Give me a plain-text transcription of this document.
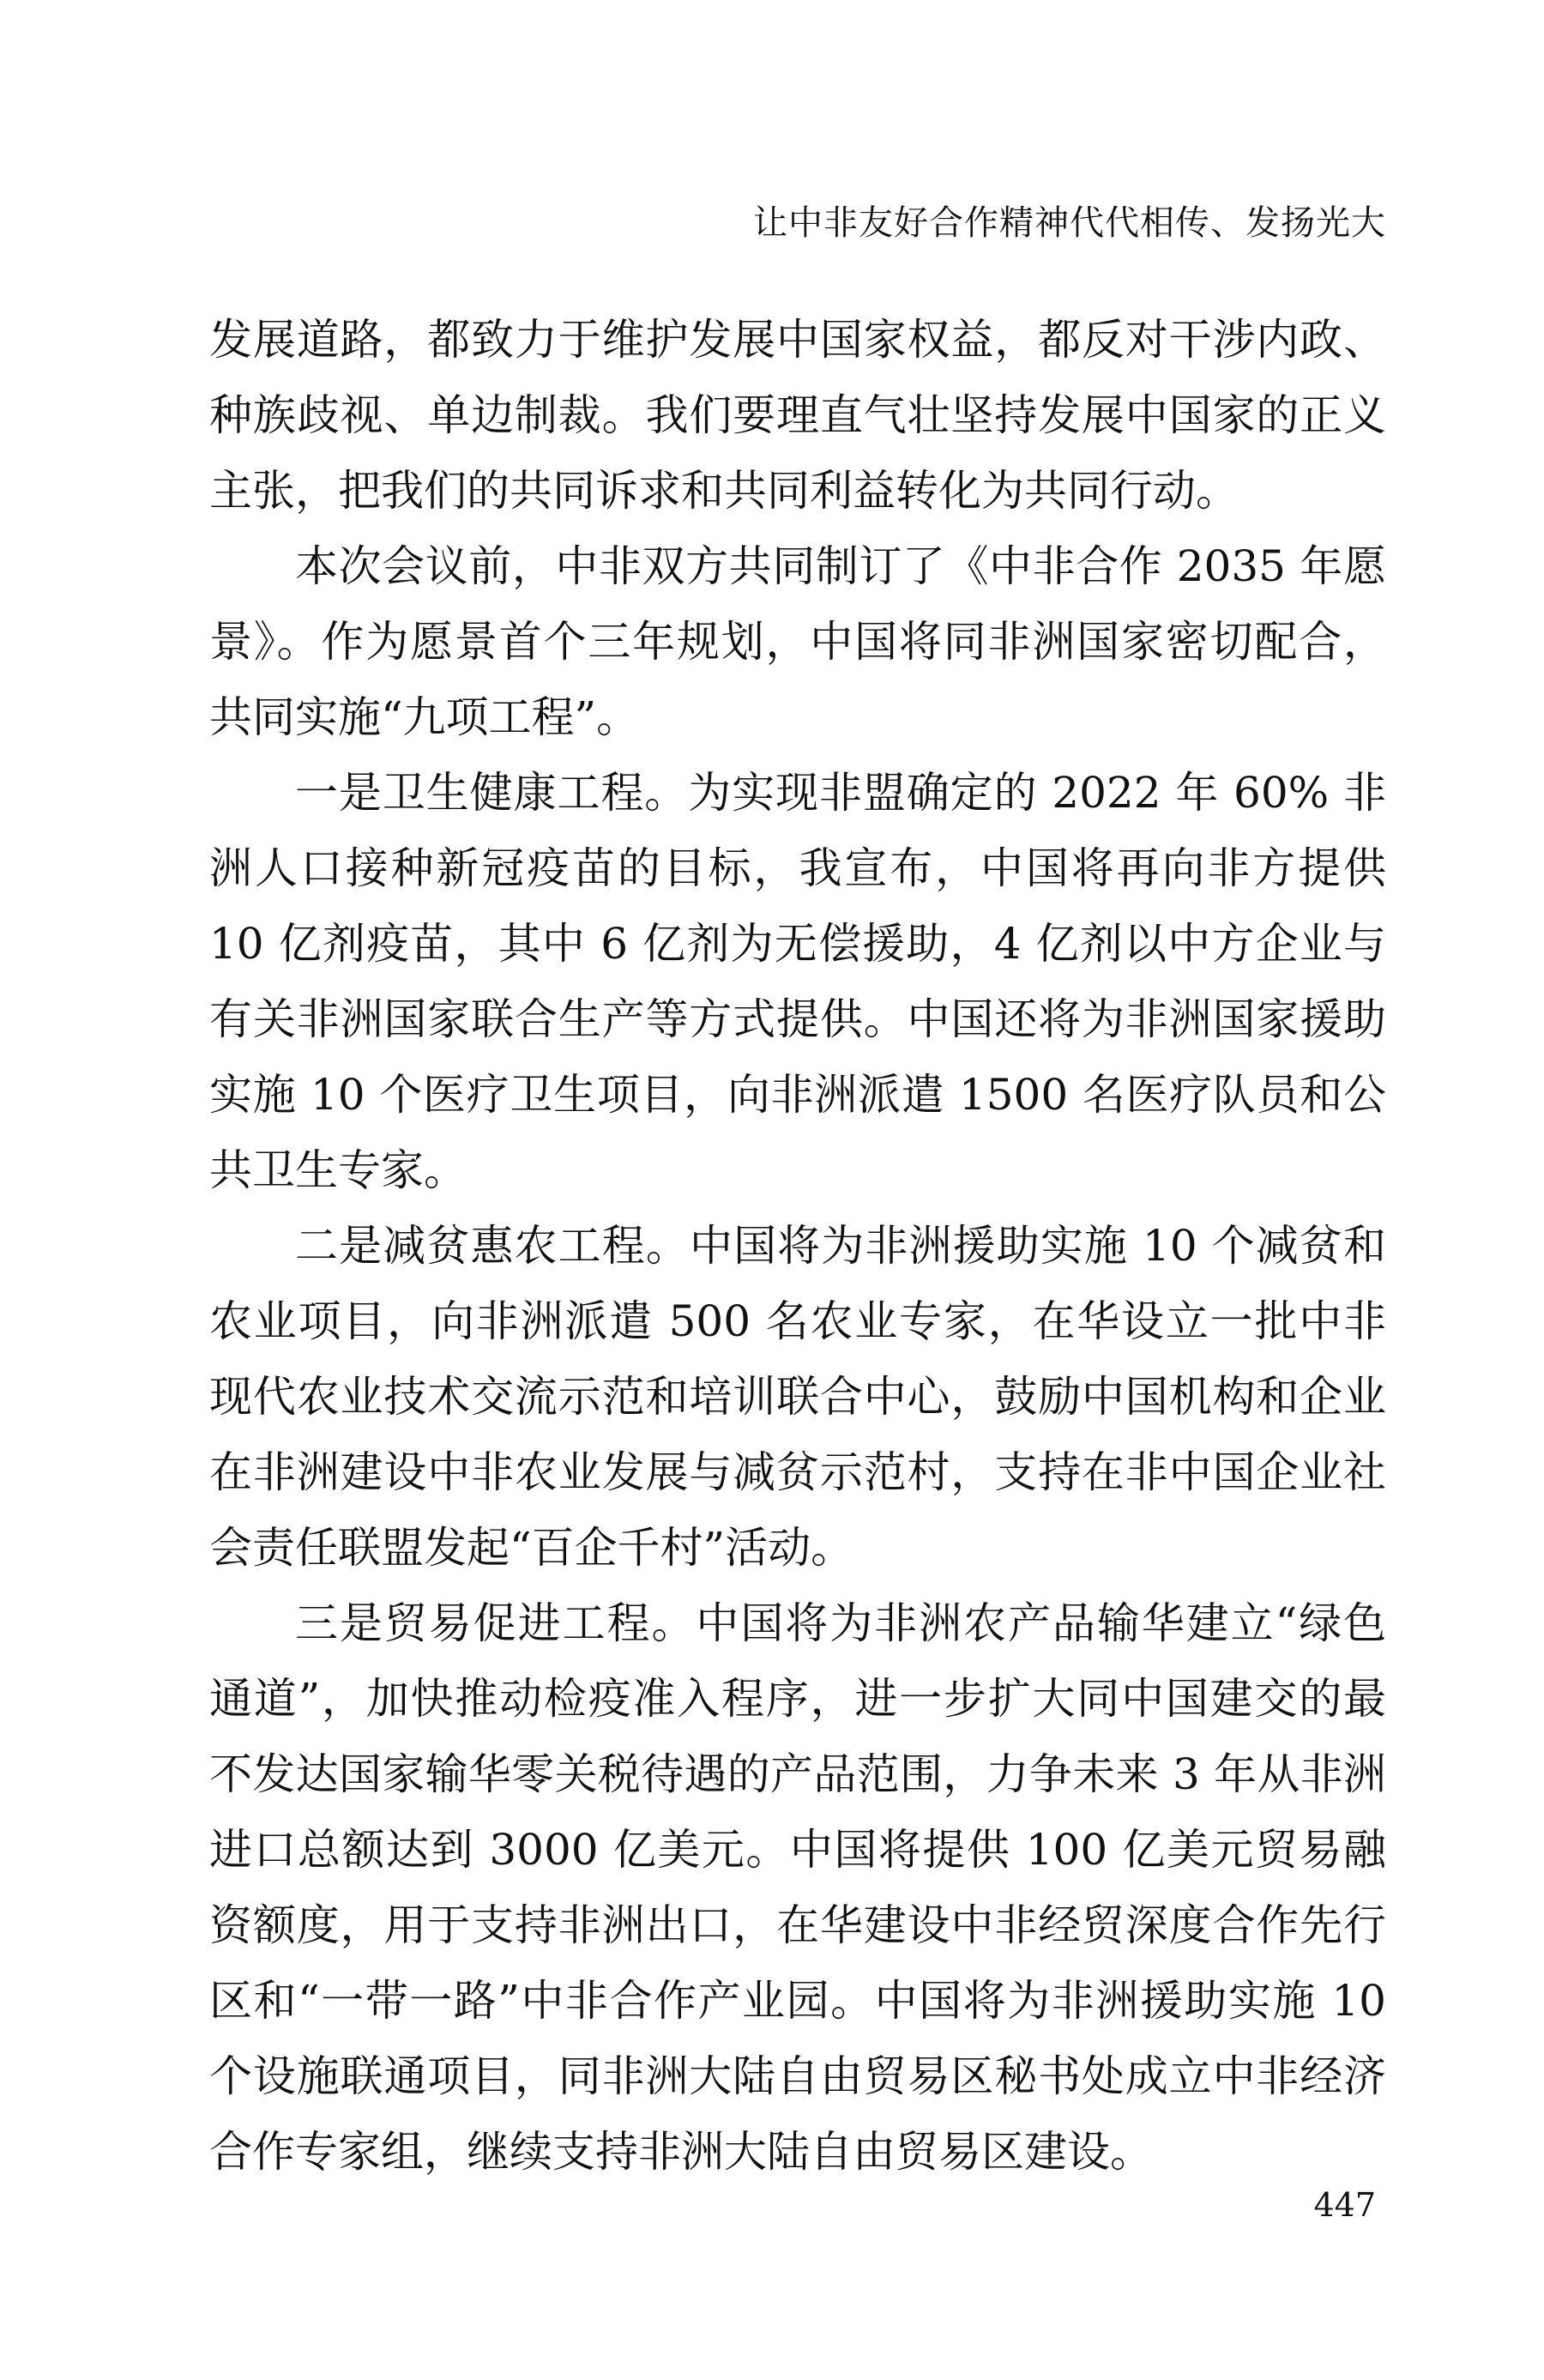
让中非友好合作精神代代相传、发扬光大

发展道路，都致力于维护发展中国家权益，都反对干涉内政、种族歧视、单边制裁。我们要理直气壮坚持发展中国家的正义主张，把我们的共同诉求和共同利益转化为共同行动。

本次会议前，中非双方共同制订了《中非合作 2035 年愿景》。作为愿景首个三年规划，中国将同非洲国家密切配合，共同实施“九项工程”。

一是卫生健康工程。为实现非盟确定的 2022 年 60% 非洲人口接种新冠疫苗的目标，我宣布，中国将再向非方提供 10 亿剂疫苗，其中 6 亿剂为无偿援助，4 亿剂以中方企业与有关非洲国家联合生产等方式提供。中国还将为非洲国家援助实施 10 个医疗卫生项目，向非洲派遣 1500 名医疗队员和公共卫生专家。

二是减贫惠农工程。中国将为非洲援助实施 10 个减贫和农业项目，向非洲派遣 500 名农业专家，在华设立一批中非现代农业技术交流示范和培训联合中心，鼓励中国机构和企业在非洲建设中非农业发展与减贫示范村，支持在非中国企业社会责任联盟发起“百企千村”活动。

三是贸易促进工程。中国将为非洲农产品输华建立“绿色通道”，加快推动检疫准入程序，进一步扩大同中国建交的最不发达国家输华零关税待遇的产品范围，力争未来 3 年从非洲进口总额达到 3000 亿美元。中国将提供 100 亿美元贸易融资额度，用于支持非洲出口，在华建设中非经贸深度合作先行区和“一带一路”中非合作产业园。中国将为非洲援助实施 10 个设施联通项目，同非洲大陆自由贸易区秘书处成立中非经济合作专家组，继续支持非洲大陆自由贸易区建设。

447
